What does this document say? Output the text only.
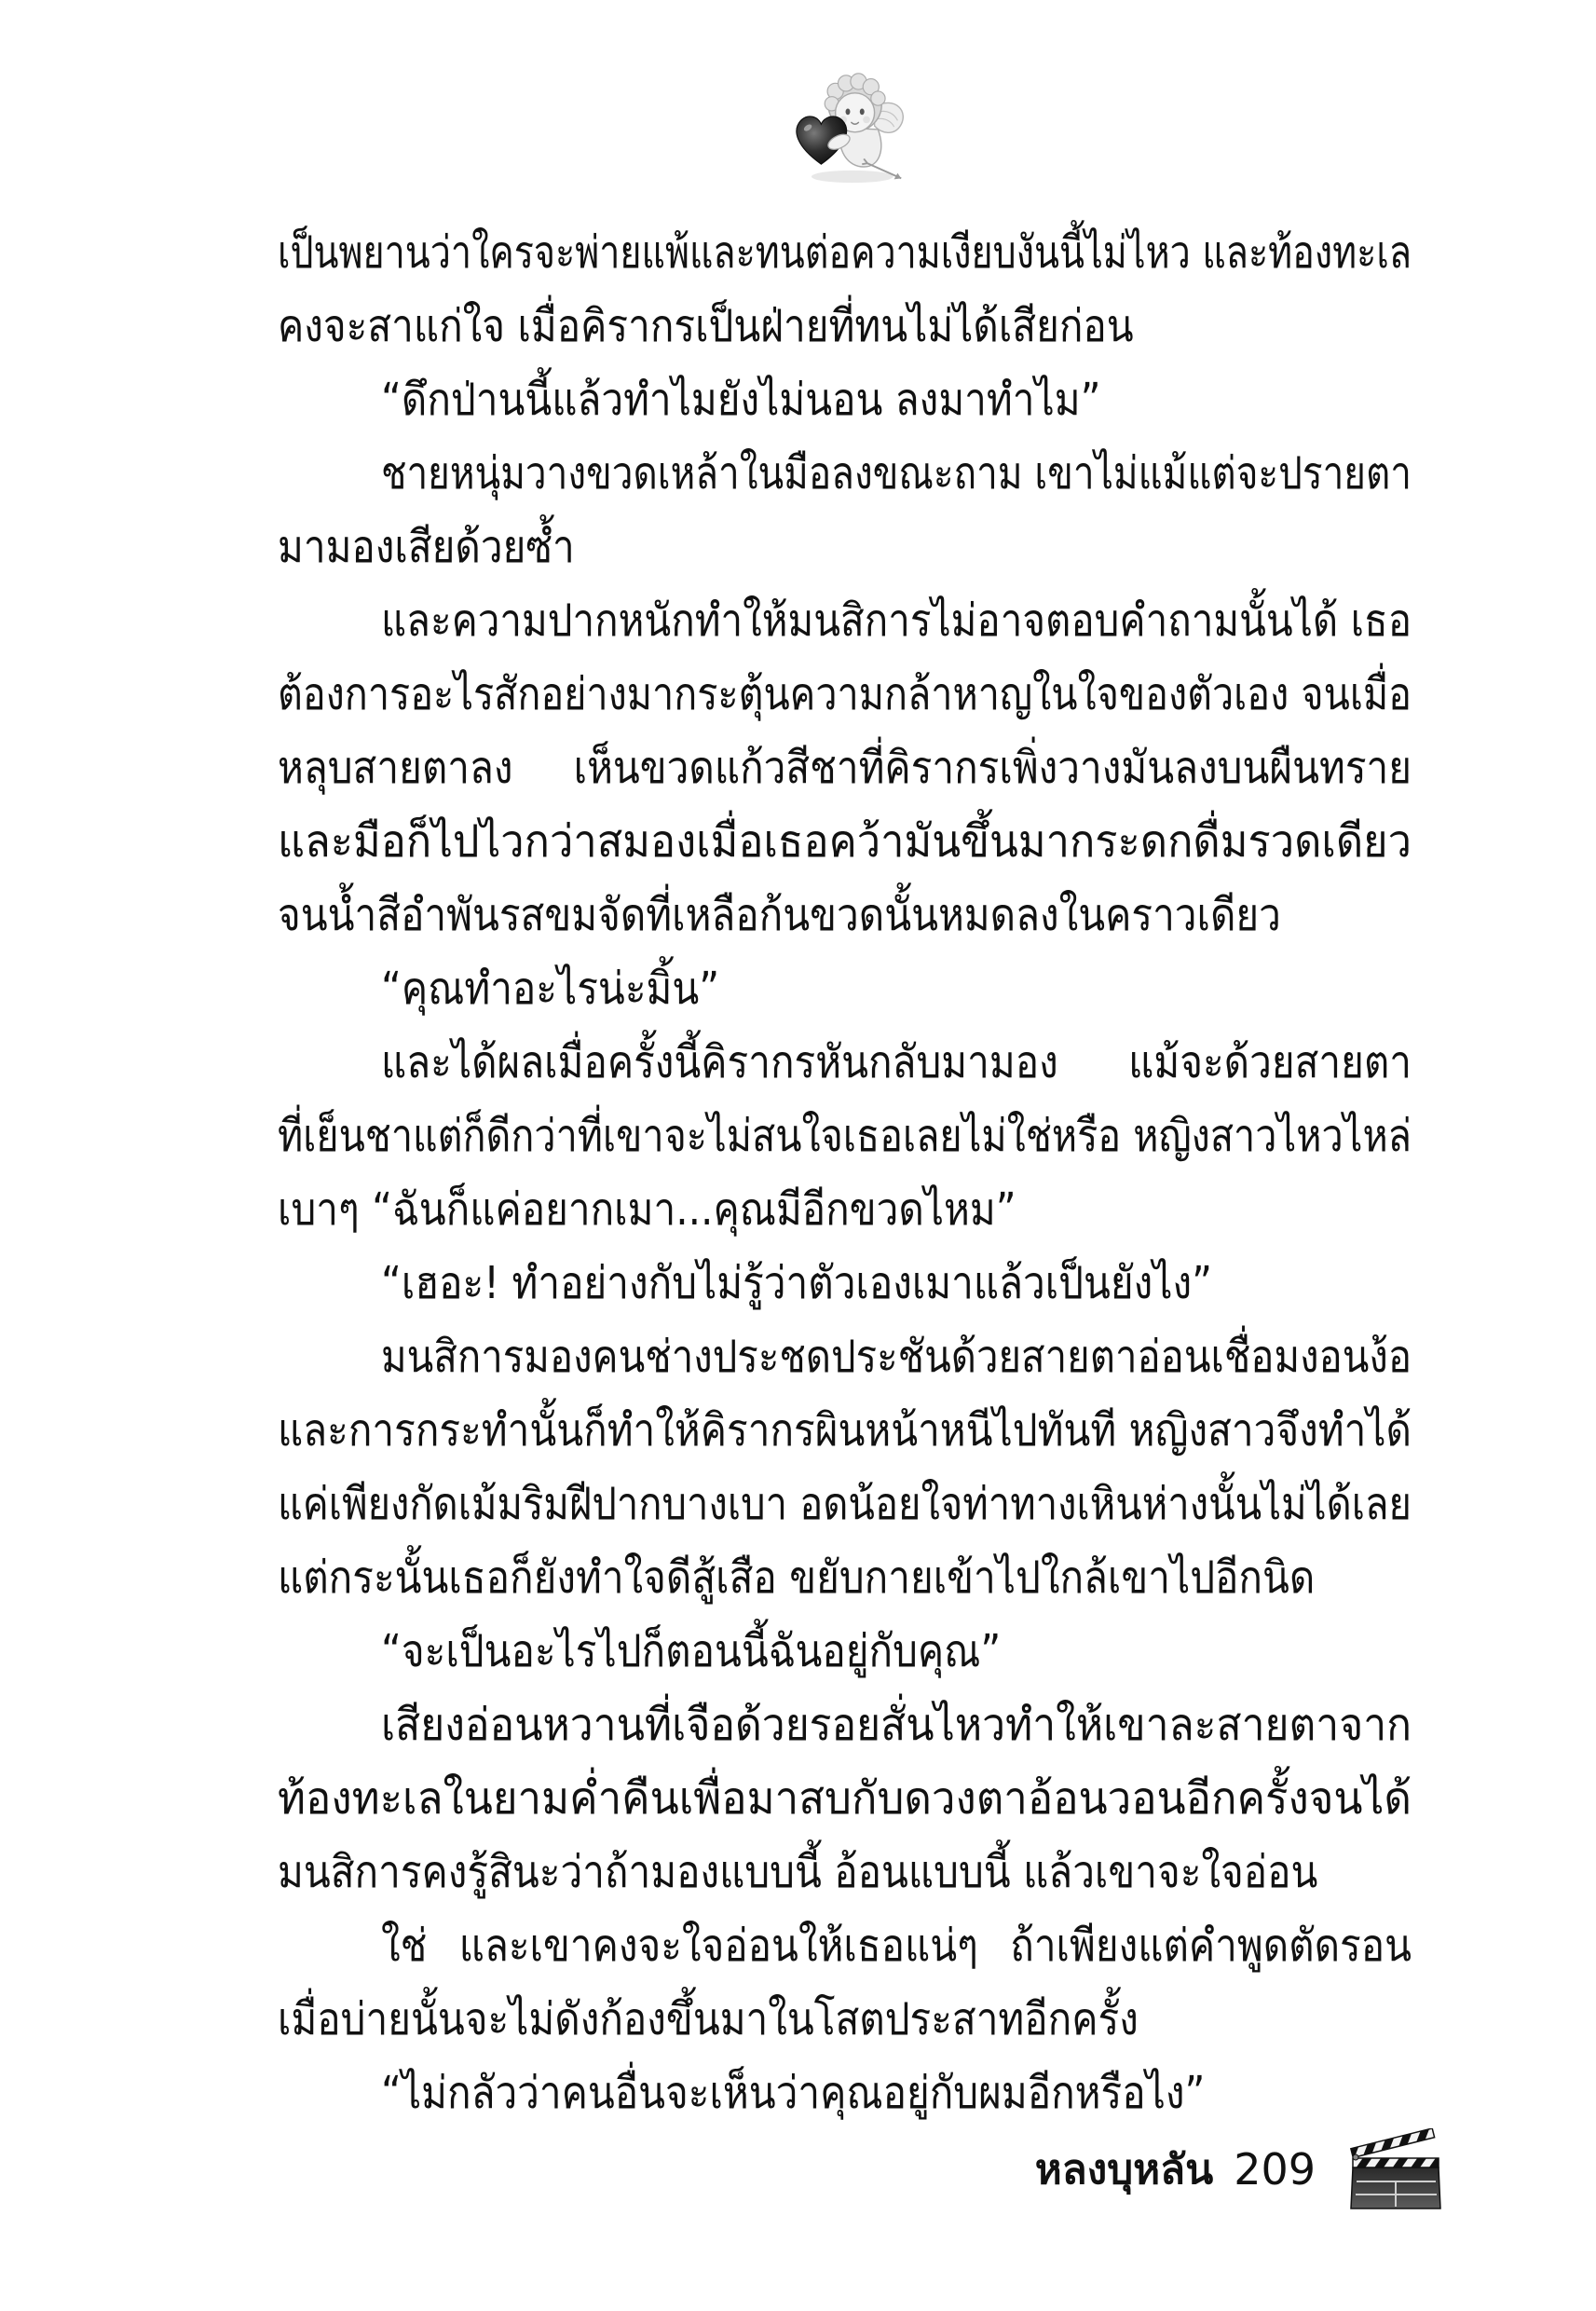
เป็นพยานว่าใครจะพ่ายแพ้และทนต่อความเงียบงันนี้ไม่ไหว และท้องทะเล
คงจะสาแก่ใจ เมื่อคิรากรเป็นฝ่ายที่ทนไม่ได้เสียก่อน
“ดึกป่านนี้แล้วทำไมยังไม่นอน ลงมาทำไม”
ชายหนุ่มวางขวดเหล้าในมือลงขณะถาม เขาไม่แม้แต่จะปรายตา
มามองเสียด้วยซ้ำ
และความปากหนักทำให้มนสิการไม่อาจตอบคำถามนั้นได้ เธอ
ต้องการอะไรสักอย่างมากระตุ้นความกล้าหาญในใจของตัวเอง จนเมื่อ
หลุบสายตาลง เห็นขวดแก้วสีชาที่คิรากรเพิ่งวางมันลงบนผืนทราย
และมือก็ไปไวกว่าสมองเมื่อเธอคว้ามันขึ้นมากระดกดื่มรวดเดียว
จนน้ำสีอำพันรสขมจัดที่เหลือก้นขวดนั้นหมดลงในคราวเดียว
“คุณทำอะไรน่ะมิ้น”
และได้ผลเมื่อครั้งนี้คิรากรหันกลับมามอง แม้จะด้วยสายตา
ที่เย็นชาแต่ก็ดีกว่าที่เขาจะไม่สนใจเธอเลยไม่ใช่หรือ หญิงสาวไหวไหล่
เบาๆ “ฉันก็แค่อยากเมา...คุณมีอีกขวดไหม”
“เฮอะ! ทำอย่างกับไม่รู้ว่าตัวเองเมาแล้วเป็นยังไง”
มนสิการมองคนช่างประชดประชันด้วยสายตาอ่อนเชื่อมงอนง้อ
และการกระทำนั้นก็ทำให้คิรากรผินหน้าหนีไปทันที หญิงสาวจึงทำได้
แค่เพียงกัดเม้มริมฝีปากบางเบา อดน้อยใจท่าทางเหินห่างนั้นไม่ได้เลย
แต่กระนั้นเธอก็ยังทำใจดีสู้เสือ ขยับกายเข้าไปใกล้เขาไปอีกนิด
“จะเป็นอะไรไปก็ตอนนี้ฉันอยู่กับคุณ”
เสียงอ่อนหวานที่เจือด้วยรอยสั่นไหวทำให้เขาละสายตาจาก
ท้องทะเลในยามค่ำคืนเพื่อมาสบกับดวงตาอ้อนวอนอีกครั้งจนได้
มนสิการคงรู้สินะว่าถ้ามองแบบนี้ อ้อนแบบนี้ แล้วเขาจะใจอ่อน
ใช่ และเขาคงจะใจอ่อนให้เธอแน่ๆ ถ้าเพียงแต่คำพูดตัดรอน
เมื่อบ่ายนั้นจะไม่ดังก้องขึ้นมาในโสตประสาทอีกครั้ง
“ไม่กลัวว่าคนอื่นจะเห็นว่าคุณอยู่กับผมอีกหรือไง”
หลงบุหลัน 209
